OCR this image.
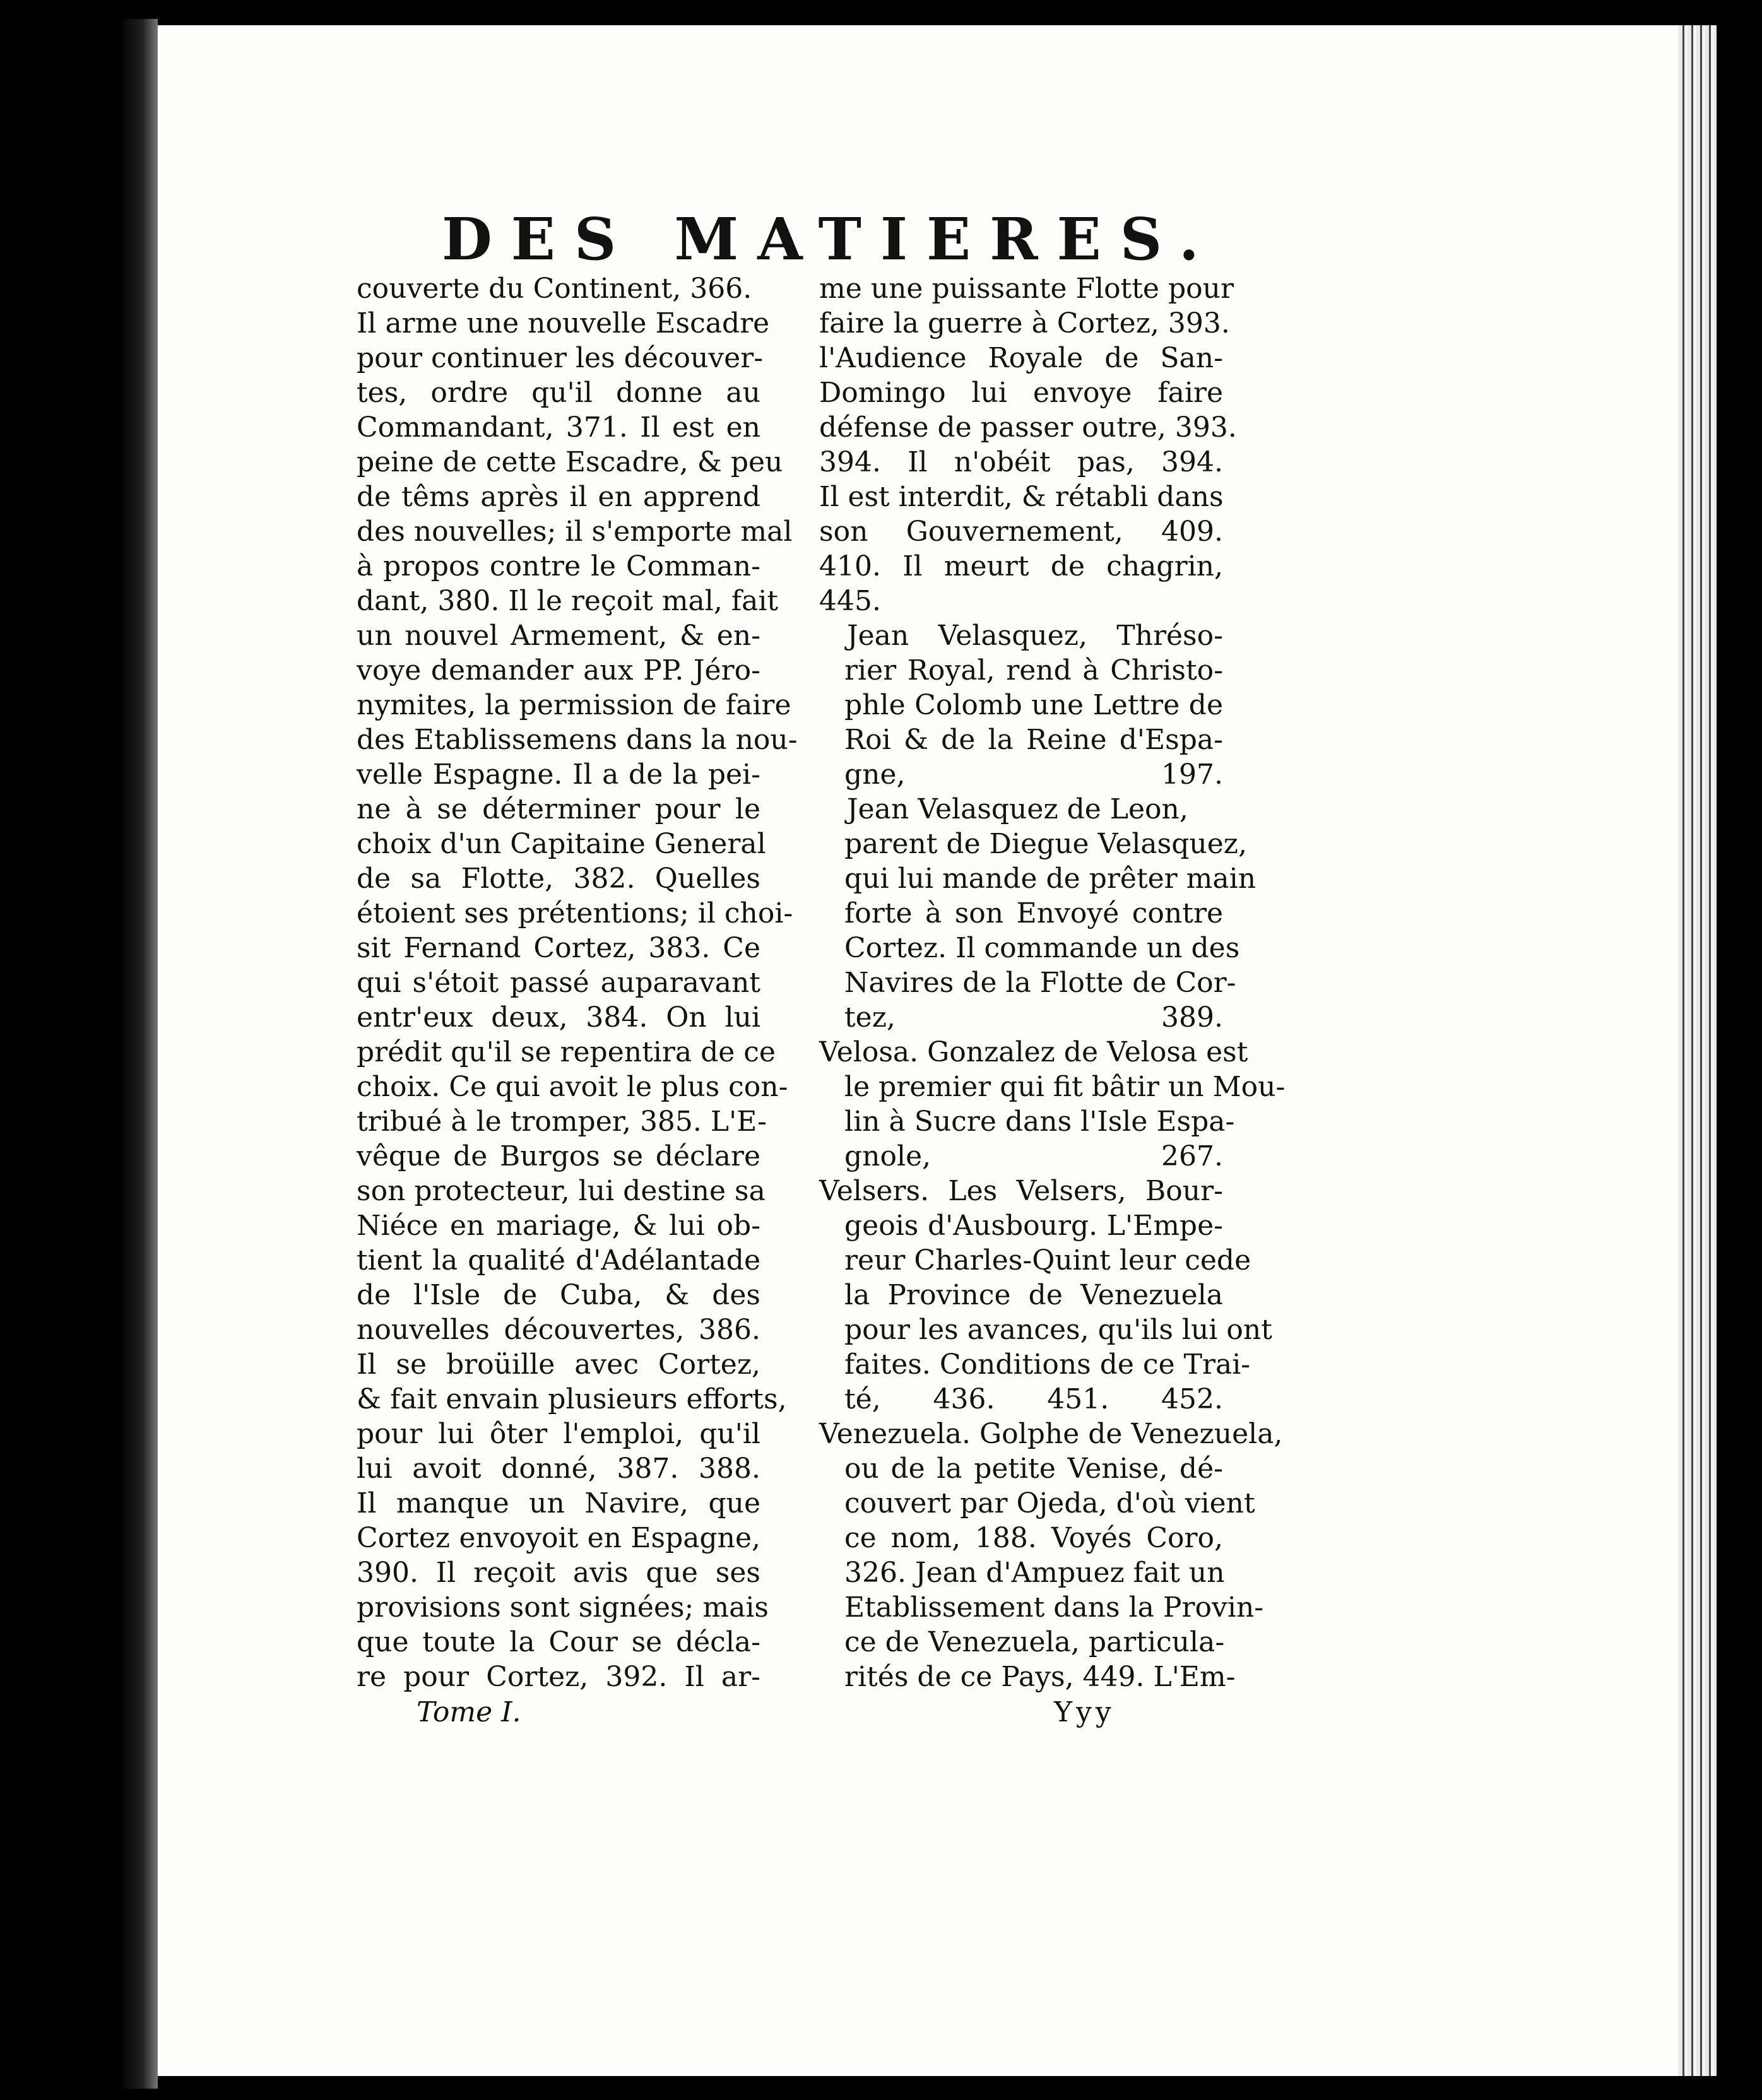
DES MATIERES.
couverte du Continent, 366.
Il arme une nouvelle Escadre
pour continuer les découver-
tes, ordre qu'il donne au
Commandant, 371. Il est en
peine de cette Escadre, & peu
de têms après il en apprend
des nouvelles; il s'emporte mal
à propos contre le Comman-
dant, 380. Il le reçoit mal, fait
un nouvel Armement, & en-
voye demander aux PP. Jéro-
nymites, la permission de faire
des Etablissemens dans la nou-
velle Espagne. Il a de la pei-
ne à se déterminer pour le
choix d'un Capitaine General
de sa Flotte, 382. Quelles
étoient ses prétentions; il choi-
sit Fernand Cortez, 383. Ce
qui s'étoit passé auparavant
entr'eux deux, 384. On lui
prédit qu'il se repentira de ce
choix. Ce qui avoit le plus con-
tribué à le tromper, 385. L'E-
vêque de Burgos se déclare
son protecteur, lui destine sa
Niéce en mariage, & lui ob-
tient la qualité d'Adélantade
de l'Isle de Cuba, & des
nouvelles découvertes, 386.
Il se broüille avec Cortez,
& fait envain plusieurs efforts,
pour lui ôter l'emploi, qu'il
lui avoit donné, 387. 388.
Il manque un Navire, que
Cortez envoyoit en Espagne,
390. Il reçoit avis que ses
provisions sont signées; mais
que toute la Cour se décla-
re pour Cortez, 392. Il ar-
me une puissante Flotte pour
faire la guerre à Cortez, 393.
l'Audience Royale de San-
Domingo lui envoye faire
défense de passer outre, 393.
394. Il n'obéit pas, 394.
Il est interdit, & rétabli dans
son Gouvernement, 409.
410. Il meurt de chagrin,
445.
Jean Velasquez, Thréso-
rier Royal, rend à Christo-
phle Colomb une Lettre de
Roi & de la Reine d'Espa-
gne, 197.
Jean Velasquez de Leon,
parent de Diegue Velasquez,
qui lui mande de prêter main
forte à son Envoyé contre
Cortez. Il commande un des
Navires de la Flotte de Cor-
tez, 389.
Velosa. Gonzalez de Velosa est
le premier qui fit bâtir un Mou-
lin à Sucre dans l'Isle Espa-
gnole, 267.
Velsers. Les Velsers, Bour-
geois d'Ausbourg. L'Empe-
reur Charles-Quint leur cede
la Province de Venezuela
pour les avances, qu'ils lui ont
faites. Conditions de ce Trai-
té, 436. 451. 452.
Venezuela. Golphe de Venezuela,
ou de la petite Venise, dé-
couvert par Ojeda, d'où vient
ce nom, 188. Voyés Coro,
326. Jean d'Ampuez fait un
Etablissement dans la Provin-
ce de Venezuela, particula-
rités de ce Pays, 449. L'Em-
Tome I.	Yyy
